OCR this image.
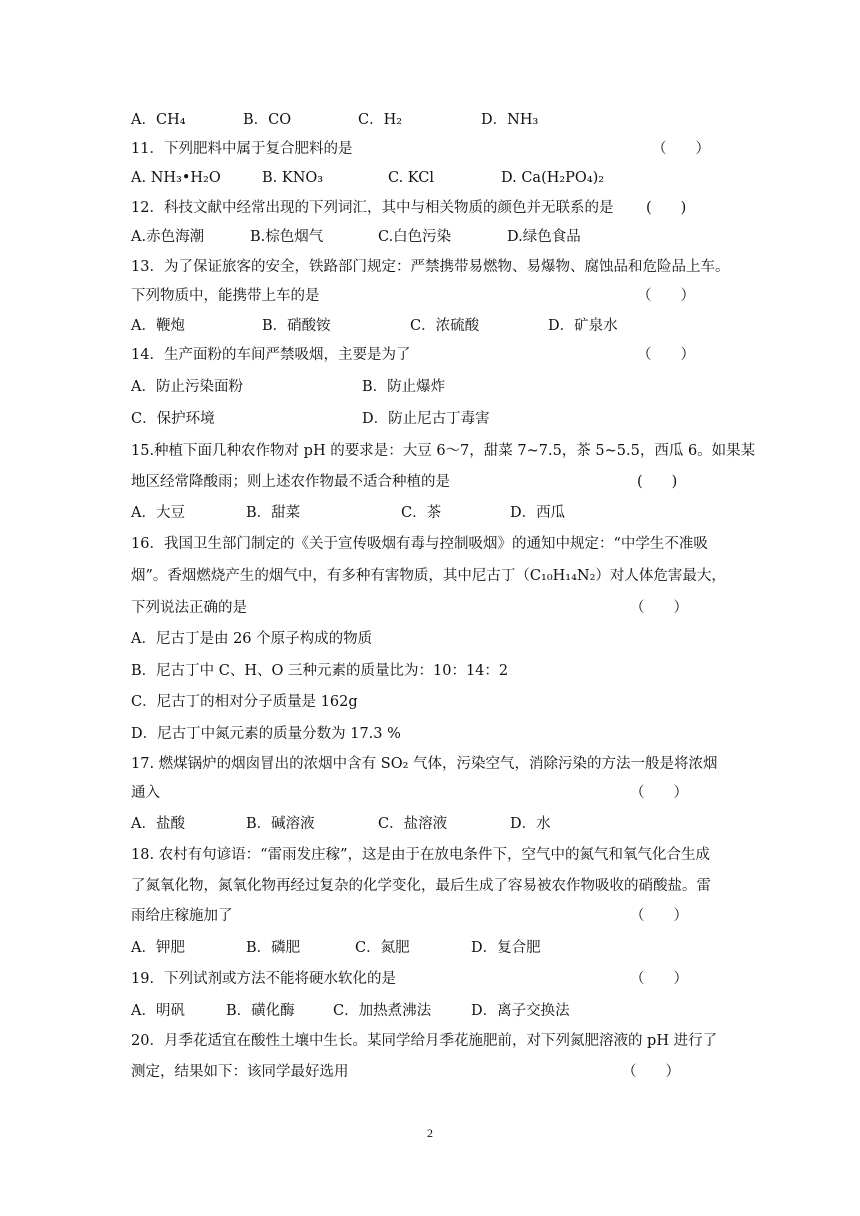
A．CH₄	B．CO	C．H₂	D．NH₃
11．下列肥料中属于复合肥料的是	（　　）
A. NH₃•H₂O	B. KNO₃	C. KCl	D. Ca(H₂PO₄)₂
12．科技文献中经常出现的下列词汇，其中与相关物质的颜色并无联系的是 (　　)
A.赤色海潮	B.棕色烟气	C.白色污染	D.绿色食品
13．为了保证旅客的安全，铁路部门规定：严禁携带易燃物、易爆物、腐蚀品和危险品上车。
下列物质中，能携带上车的是	（　　）
A．鞭炮	B．硝酸铵	C．浓硫酸	D．矿泉水
14．生产面粉的车间严禁吸烟，主要是为了	（　　）
A．防止污染面粉	B．防止爆炸
C．保护环境	D．防止尼古丁毒害
15.种植下面几种农作物对 pH 的要求是：大豆 6～7，甜菜 7~7.5，茶 5~5.5，西瓜 6。如果某
地区经常降酸雨；则上述农作物最不适合种植的是	(　　)
A．大豆	B．甜菜	C．茶	D．西瓜
16．我国卫生部门制定的《关于宣传吸烟有毒与控制吸烟》的通知中规定：“中学生不准吸
烟”。香烟燃烧产生的烟气中，有多种有害物质，其中尼古丁（C₁₀H₁₄N₂）对人体危害最大，
下列说法正确的是	（　　）
A．尼古丁是由 26 个原子构成的物质
B．尼古丁中 C、H、O 三种元素的质量比为：10：14：2
C．尼古丁的相对分子质量是 162g
D．尼古丁中氮元素的质量分数为 17.3 %
17. 燃煤锅炉的烟囱冒出的浓烟中含有 SO₂ 气体，污染空气，消除污染的方法一般是将浓烟
通入	（　　）
A．盐酸	B．碱溶液	C．盐溶液	D．水
18. 农村有句谚语：“雷雨发庄稼”，这是由于在放电条件下，空气中的氮气和氧气化合生成
了氮氧化物，氮氧化物再经过复杂的化学变化，最后生成了容易被农作物吸收的硝酸盐。雷
雨给庄稼施加了	（　　）
A．钾肥	B．磷肥	C．氮肥	D．复合肥
19．下列试剂或方法不能将硬水软化的是	（　　）
A．明矾	B．磺化酶	C．加热煮沸法	D．离子交换法
20．月季花适宜在酸性土壤中生长。某同学给月季花施肥前，对下列氮肥溶液的 pH 进行了
测定，结果如下：该同学最好选用	（　　）
2
